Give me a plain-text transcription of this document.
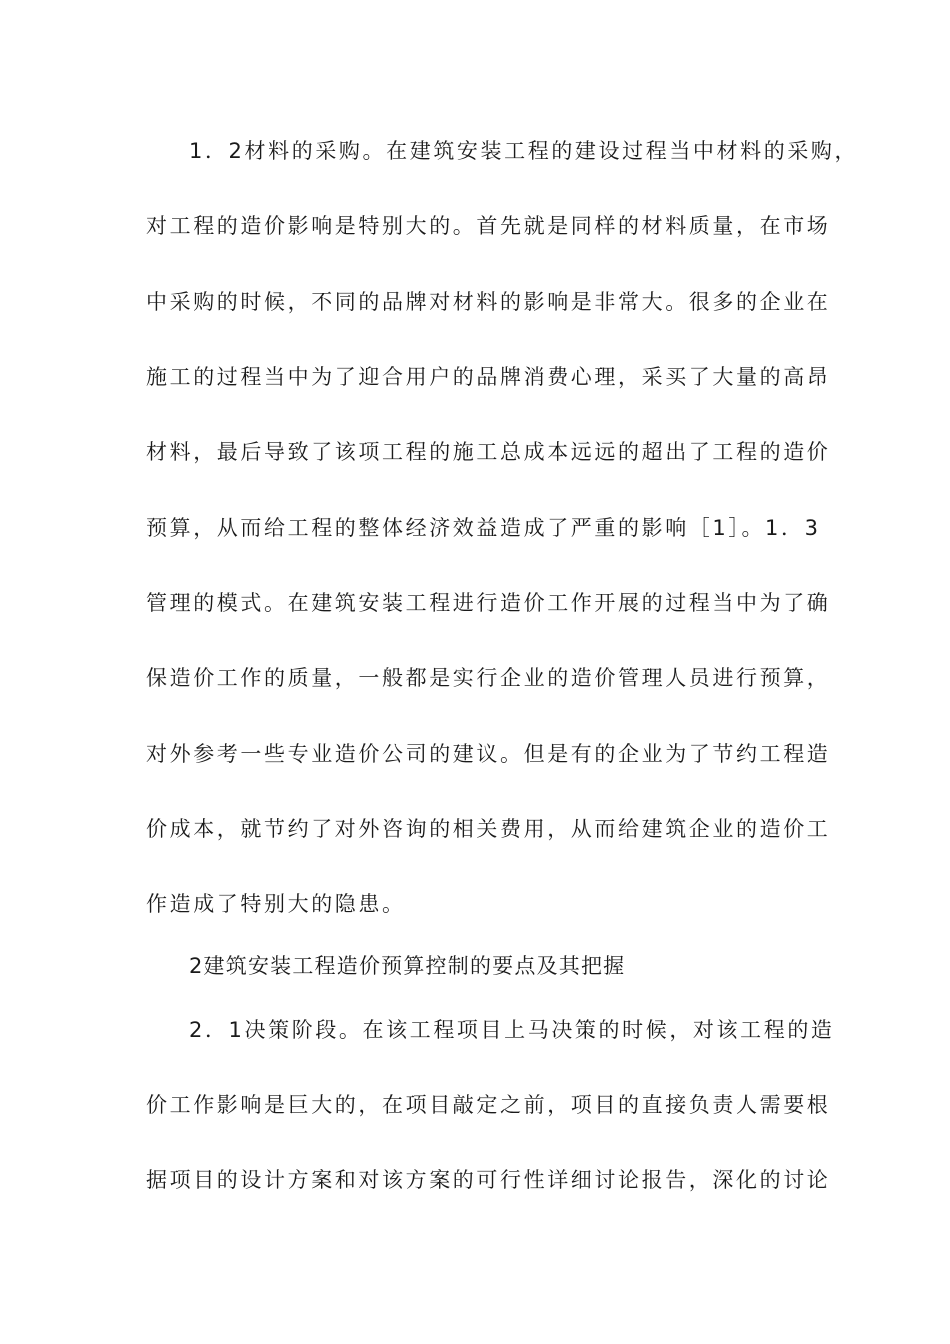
1．2材料的采购。在建筑安装工程的建设过程当中材料的采购，
对工程的造价影响是特别大的。首先就是同样的材料质量，在市场
中采购的时候，不同的品牌对材料的影响是非常大。很多的企业在
施工的过程当中为了迎合用户的品牌消费心理，采买了大量的高昂
材料，最后导致了该项工程的施工总成本远远的超出了工程的造价
预算，从而给工程的整体经济效益造成了严重的影响［1］。1．3
管理的模式。在建筑安装工程进行造价工作开展的过程当中为了确
保造价工作的质量，一般都是实行企业的造价管理人员进行预算，
对外参考一些专业造价公司的建议。但是有的企业为了节约工程造
价成本，就节约了对外咨询的相关费用，从而给建筑企业的造价工
作造成了特别大的隐患。
2建筑安装工程造价预算控制的要点及其把握
2．1决策阶段。在该工程项目上马决策的时候，对该工程的造
价工作影响是巨大的，在项目敲定之前，项目的直接负责人需要根
据项目的设计方案和对该方案的可行性详细讨论报告，深化的讨论
